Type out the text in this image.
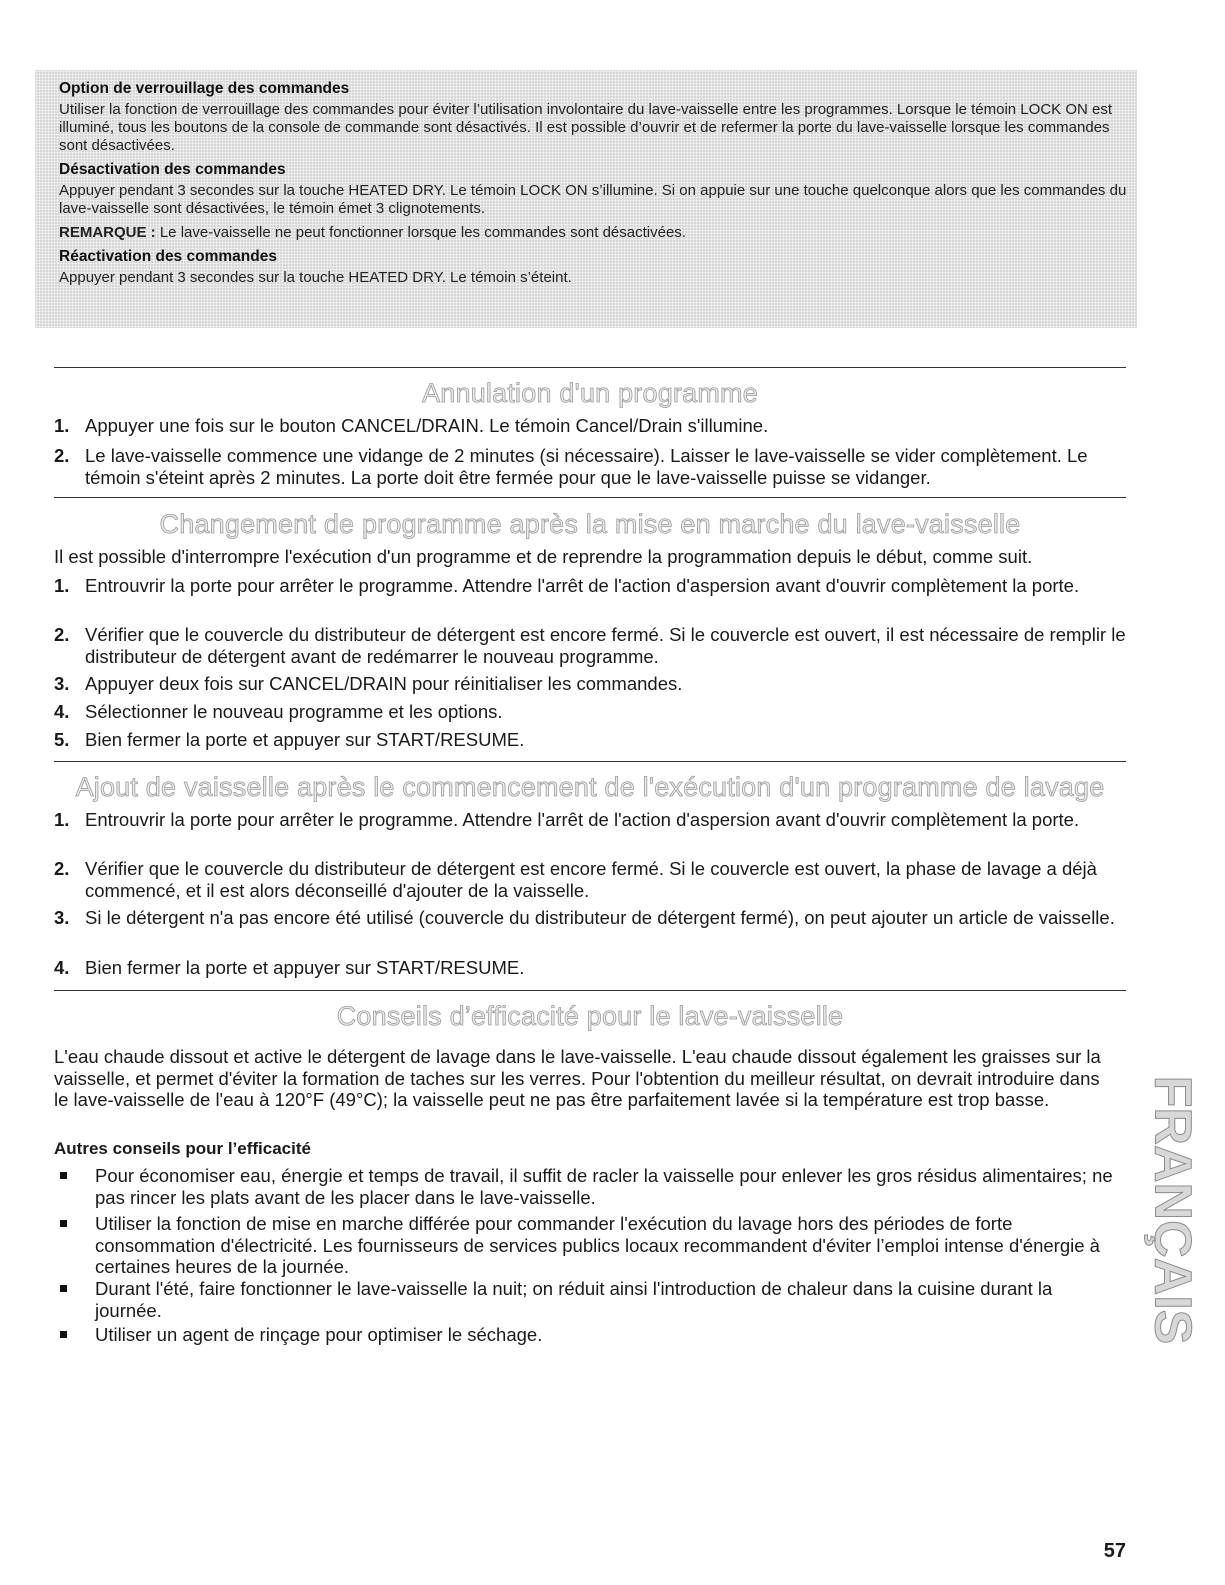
Option de verrouillage des commandes
Utiliser la fonction de verrouillage des commandes pour éviter l’utilisation involontaire du lave-vaisselle entre les programmes. Lorsque le témoin LOCK ON est illuminé, tous les boutons de la console de commande sont désactivés. Il est possible d’ouvrir et de refermer la porte du lave-vaisselle lorsque les commandes sont désactivées.
Désactivation des commandes
Appuyer pendant 3 secondes sur la touche HEATED DRY. Le témoin LOCK ON s’illumine. Si on appuie sur une touche quelconque alors que les commandes du lave-vaisselle sont désactivées, le témoin émet 3 clignotements.
REMARQUE : Le lave-vaisselle ne peut fonctionner lorsque les commandes sont désactivées.
Réactivation des commandes
Appuyer pendant 3 secondes sur la touche HEATED DRY. Le témoin s’éteint.
Annulation d'un programme
1. Appuyer une fois sur le bouton CANCEL/DRAIN. Le témoin Cancel/Drain s'illumine.
2. Le lave-vaisselle commence une vidange de 2 minutes (si nécessaire). Laisser le lave-vaisselle se vider complètement. Le témoin s'éteint après 2 minutes. La porte doit être fermée pour que le lave-vaisselle puisse se vidanger.
Changement de programme après la mise en marche du lave-vaisselle
Il est possible d'interrompre l'exécution d'un programme et de reprendre la programmation depuis le début, comme suit.
1. Entrouvrir la porte pour arrêter le programme. Attendre l'arrêt de l'action d'aspersion avant d'ouvrir complètement la porte.
2. Vérifier que le couvercle du distributeur de détergent est encore fermé. Si le couvercle est ouvert, il est nécessaire de remplir le distributeur de détergent avant de redémarrer le nouveau programme.
3. Appuyer deux fois sur CANCEL/DRAIN pour réinitialiser les commandes.
4. Sélectionner le nouveau programme et les options.
5. Bien fermer la porte et appuyer sur START/RESUME.
Ajout de vaisselle après le commencement de l'exécution d'un programme de lavage
1. Entrouvrir la porte pour arrêter le programme. Attendre l'arrêt de l'action d'aspersion avant d'ouvrir complètement la porte.
2. Vérifier que le couvercle du distributeur de détergent est encore fermé. Si le couvercle est ouvert, la phase de lavage a déjà commencé, et il est alors déconseillé d'ajouter de la vaisselle.
3. Si le détergent n'a pas encore été utilisé (couvercle du distributeur de détergent fermé), on peut ajouter un article de vaisselle.
4. Bien fermer la porte et appuyer sur START/RESUME.
Conseils d’efficacité pour le lave-vaisselle
L'eau chaude dissout et active le détergent de lavage dans le lave-vaisselle. L'eau chaude dissout également les graisses sur la vaisselle, et permet d'éviter la formation de taches sur les verres. Pour l'obtention du meilleur résultat, on devrait introduire dans le lave-vaisselle de l'eau à 120°F (49°C); la vaisselle peut ne pas être parfaitement lavée si la température est trop basse.
Autres conseils pour l’efficacité
Pour économiser eau, énergie et temps de travail, il suffit de racler la vaisselle pour enlever les gros résidus alimentaires; ne pas rincer les plats avant de les placer dans le lave-vaisselle.
Utiliser la fonction de mise en marche différée pour commander l'exécution du lavage hors des périodes de forte consommation d'électricité. Les fournisseurs de services publics locaux recommandent d'éviter l’emploi intense d'énergie à certaines heures de la journée.
Durant l'été, faire fonctionner le lave-vaisselle la nuit; on réduit ainsi l'introduction de chaleur dans la cuisine durant la journée.
Utiliser un agent de rinçage pour optimiser le séchage.	FRANÇAIS
57
